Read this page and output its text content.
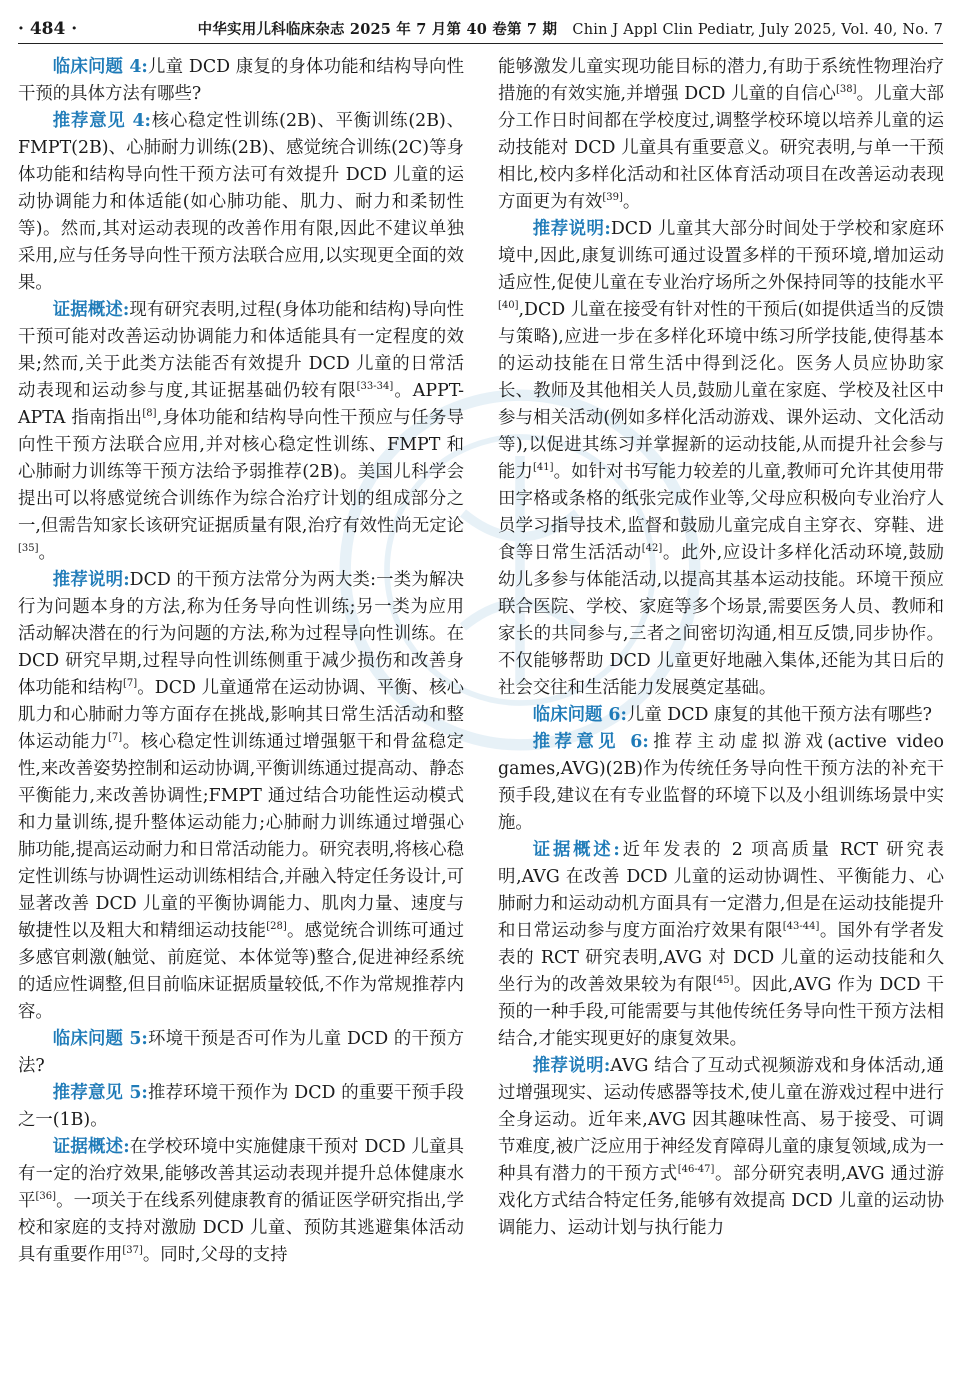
· 484 ·	中华实用儿科临床杂志 2025 年 7 月第 40 卷第 7 期 Chin J Appl Clin Pediatr, July 2025, Vol. 40, No. 7

临床问题 4:儿童 DCD 康复的身体功能和结构导向性干预的具体方法有哪些?

推荐意见 4:核心稳定性训练(2B)、平衡训练(2B)、FMPT(2B)、心肺耐力训练(2B)、感觉统合训练(2C)等身体功能和结构导向性干预方法可有效提升 DCD 儿童的运动协调能力和体适能(如心肺功能、肌力、耐力和柔韧性等)。然而,其对运动表现的改善作用有限,因此不建议单独采用,应与任务导向性干预方法联合应用,以实现更全面的效果。

证据概述:现有研究表明,过程(身体功能和结构)导向性干预可能对改善运动协调能力和体适能具有一定程度的效果;然而,关于此类方法能否有效提升 DCD 儿童的日常活动表现和运动参与度,其证据基础仍较有限[33-34]。APPT-APTA 指南指出[8],身体功能和结构导向性干预应与任务导向性干预方法联合应用,并对核心稳定性训练、FMPT 和心肺耐力训练等干预方法给予弱推荐(2B)。美国儿科学会提出可以将感觉统合训练作为综合治疗计划的组成部分之一,但需告知家长该研究证据质量有限,治疗有效性尚无定论[35]。

推荐说明:DCD 的干预方法常分为两大类:一类为解决行为问题本身的方法,称为任务导向性训练;另一类为应用活动解决潜在的行为问题的方法,称为过程导向性训练。在 DCD 研究早期,过程导向性训练侧重于减少损伤和改善身体功能和结构[7]。DCD 儿童通常在运动协调、平衡、核心肌力和心肺耐力等方面存在挑战,影响其日常生活活动和整体运动能力[7]。核心稳定性训练通过增强躯干和骨盆稳定性,来改善姿势控制和运动协调,平衡训练通过提高动、静态平衡能力,来改善协调性;FMPT 通过结合功能性运动模式和力量训练,提升整体运动能力;心肺耐力训练通过增强心肺功能,提高运动耐力和日常活动能力。研究表明,将核心稳定性训练与协调性运动训练相结合,并融入特定任务设计,可显著改善 DCD 儿童的平衡协调能力、肌肉力量、速度与敏捷性以及粗大和精细运动技能[28]。感觉统合训练可通过多感官刺激(触觉、前庭觉、本体觉等)整合,促进神经系统的适应性调整,但目前临床证据质量较低,不作为常规推荐内容。

临床问题 5:环境干预是否可作为儿童 DCD 的干预方法?

推荐意见 5:推荐环境干预作为 DCD 的重要干预手段之一(1B)。

证据概述:在学校环境中实施健康干预对 DCD 儿童具有一定的治疗效果,能够改善其运动表现并提升总体健康水平[36]。一项关于在线系列健康教育的循证医学研究指出,学校和家庭的支持对激励 DCD 儿童、预防其逃避集体活动具有重要作用[37]。同时,父母的支持

能够激发儿童实现功能目标的潜力,有助于系统性物理治疗措施的有效实施,并增强 DCD 儿童的自信心[38]。儿童大部分工作日时间都在学校度过,调整学校环境以培养儿童的运动技能对 DCD 儿童具有重要意义。研究表明,与单一干预相比,校内多样化活动和社区体育活动项目在改善运动表现方面更为有效[39]。

推荐说明:DCD 儿童其大部分时间处于学校和家庭环境中,因此,康复训练可通过设置多样的干预环境,增加运动适应性,促使儿童在专业治疗场所之外保持同等的技能水平[40],DCD 儿童在接受有针对性的干预后(如提供适当的反馈与策略),应进一步在多样化环境中练习所学技能,使得基本的运动技能在日常生活中得到泛化。医务人员应协助家长、教师及其他相关人员,鼓励儿童在家庭、学校及社区中参与相关活动(例如多样化活动游戏、课外运动、文化活动等),以促进其练习并掌握新的运动技能,从而提升社会参与能力[41]。如针对书写能力较差的儿童,教师可允许其使用带田字格或条格的纸张完成作业等,父母应积极向专业治疗人员学习指导技术,监督和鼓励儿童完成自主穿衣、穿鞋、进食等日常生活活动[42]。此外,应设计多样化活动环境,鼓励幼儿多参与体能活动,以提高其基本运动技能。环境干预应联合医院、学校、家庭等多个场景,需要医务人员、教师和家长的共同参与,三者之间密切沟通,相互反馈,同步协作。不仅能够帮助 DCD 儿童更好地融入集体,还能为其日后的社会交往和生活能力发展奠定基础。

临床问题 6:儿童 DCD 康复的其他干预方法有哪些?

推荐意见 6:推荐主动虚拟游戏(active video games,AVG)(2B)作为传统任务导向性干预方法的补充干预手段,建议在有专业监督的环境下以及小组训练场景中实施。

证据概述:近年发表的 2 项高质量 RCT 研究表明,AVG 在改善 DCD 儿童的运动协调性、平衡能力、心肺耐力和运动动机方面具有一定潜力,但是在运动技能提升和日常运动参与度方面治疗效果有限[43-44]。国外有学者发表的 RCT 研究表明,AVG 对 DCD 儿童的运动技能和久坐行为的改善效果较为有限[45]。因此,AVG 作为 DCD 干预的一种手段,可能需要与其他传统任务导向性干预方法相结合,才能实现更好的康复效果。

推荐说明:AVG 结合了互动式视频游戏和身体活动,通过增强现实、运动传感器等技术,使儿童在游戏过程中进行全身运动。近年来,AVG 因其趣味性高、易于接受、可调节难度,被广泛应用于神经发育障碍儿童的康复领域,成为一种具有潜力的干预方式[46-47]。部分研究表明,AVG 通过游戏化方式结合特定任务,能够有效提高 DCD 儿童的运动协调能力、运动计划与执行能力
